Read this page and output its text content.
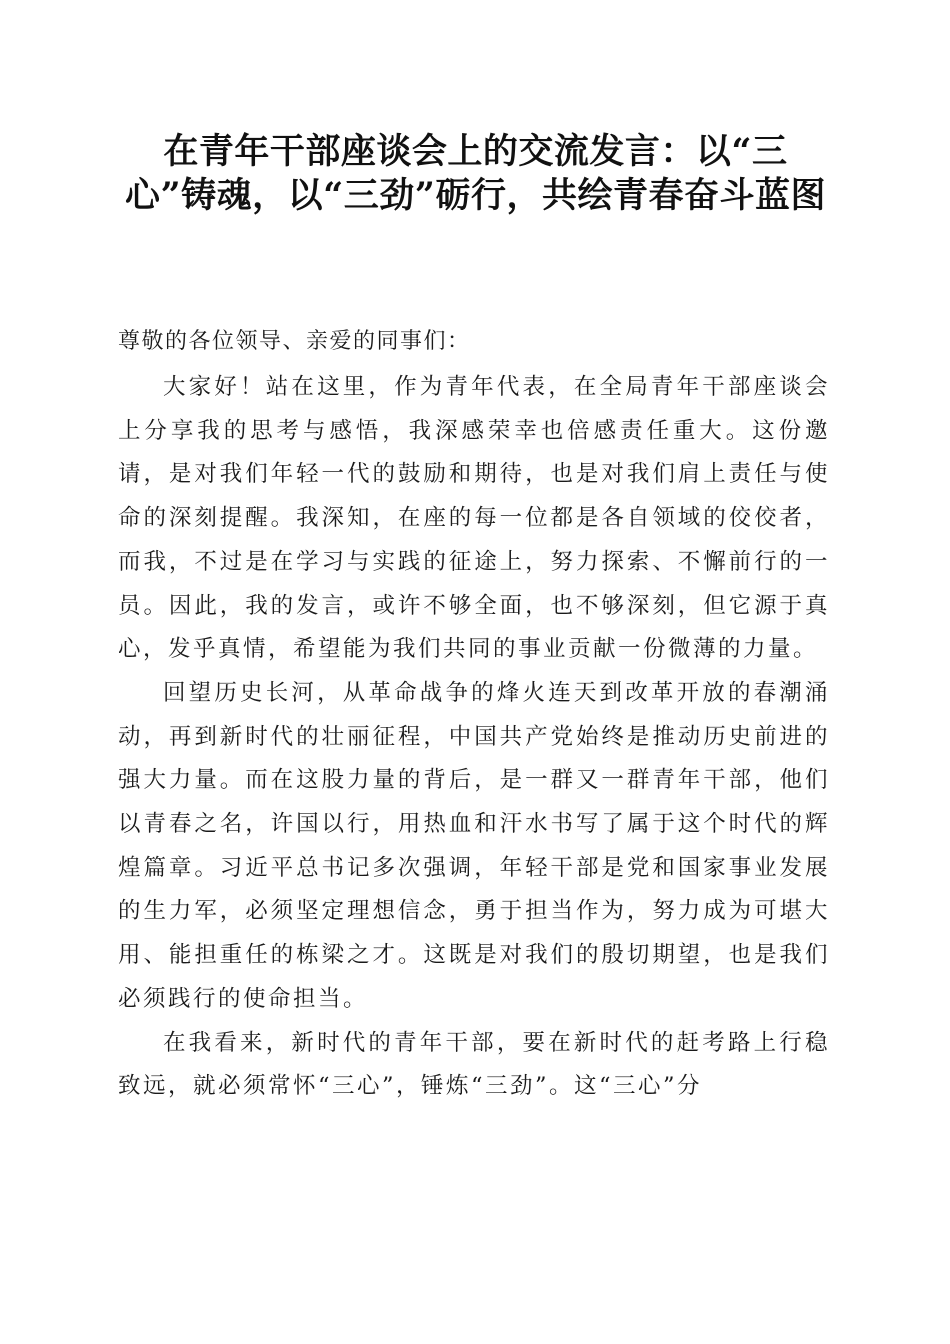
在青年干部座谈会上的交流发言：以“三心”铸魂，以“三劲”砺行，共绘青春奋斗蓝图

尊敬的各位领导、亲爱的同事们：

大家好！站在这里，作为青年代表，在全局青年干部座谈会上分享我的思考与感悟，我深感荣幸也倍感责任重大。这份邀请，是对我们年轻一代的鼓励和期待，也是对我们肩上责任与使命的深刻提醒。我深知，在座的每一位都是各自领域的佼佼者，而我，不过是在学习与实践的征途上，努力探索、不懈前行的一员。因此，我的发言，或许不够全面，也不够深刻，但它源于真心，发乎真情，希望能为我们共同的事业贡献一份微薄的力量。

回望历史长河，从革命战争的烽火连天到改革开放的春潮涌动，再到新时代的壮丽征程，中国共产党始终是推动历史前进的强大力量。而在这股力量的背后，是一群又一群青年干部，他们以青春之名，许国以行，用热血和汗水书写了属于这个时代的辉煌篇章。习近平总书记多次强调，年轻干部是党和国家事业发展的生力军，必须坚定理想信念，勇于担当作为，努力成为可堪大用、能担重任的栋梁之才。这既是对我们的殷切期望，也是我们必须践行的使命担当。

在我看来，新时代的青年干部，要在新时代的赶考路上行稳致远，就必须常怀“三心”，锤炼“三劲”。这“三心”分
